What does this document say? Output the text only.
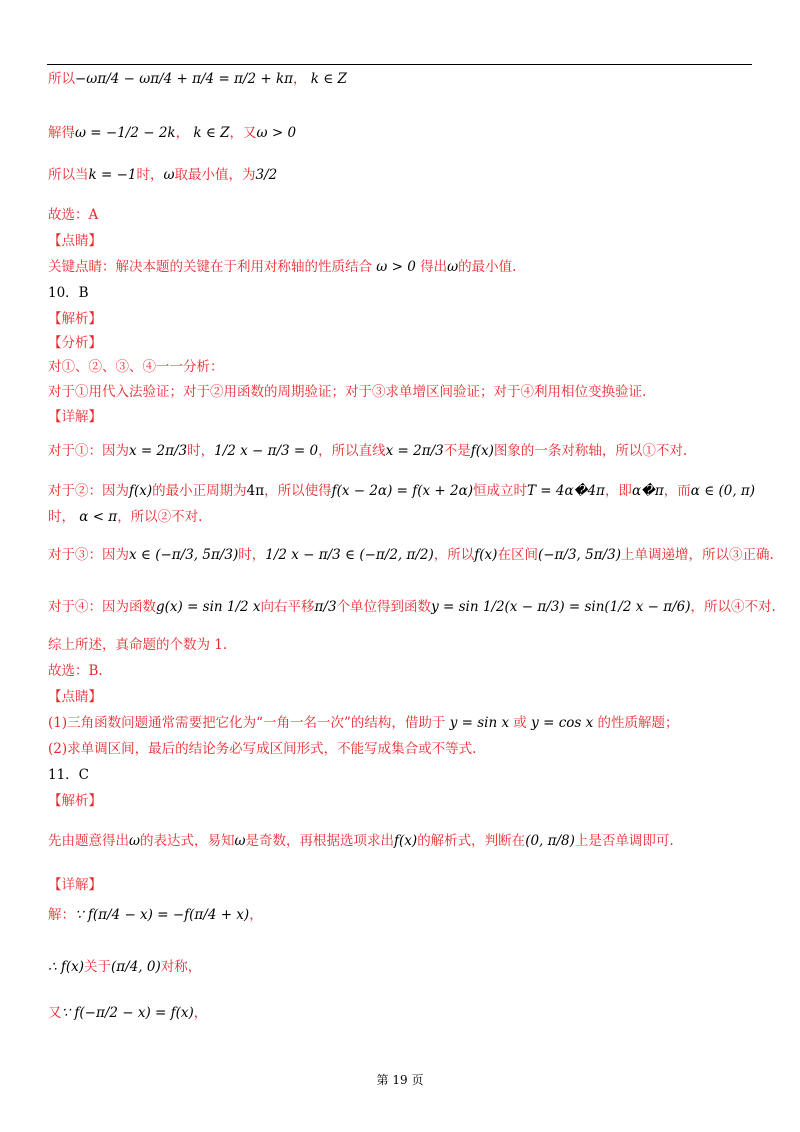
所以−ωπ/4 − ωπ/4 + π/4 = π/2 + kπ， k ∈ Z
解得ω = −1/2 − 2k， k ∈ Z，又ω > 0
所以当k = −1时，ω取最小值，为3/2
故选：A
【点睛】
关键点睛：解决本题的关键在于利用对称轴的性质结合 ω > 0 得出ω的最小值.
10．B
【解析】
【分析】
对①、②、③、④一一分析：
对于①用代入法验证；对于②用函数的周期验证；对于③求单增区间验证；对于④利用相位变换验证.
【详解】
对于①：因为x = 2π/3时，1/2 x − π/3 = 0，所以直线x = 2π/3不是f(x)图象的一条对称轴，所以①不对.
对于②：因为f(x)的最小正周期为4π，所以使得f(x − 2α) = f(x + 2α)恒成立时T = 4α�4π，即α�π，而α ∈ (0, π)
时， α < π，所以②不对.
对于③：因为x ∈ (−π/3, 5π/3)时，1/2 x − π/3 ∈ (−π/2, π/2)，所以f(x)在区间(−π/3, 5π/3)上单调递增，所以③正确.
对于④：因为函数g(x) = sin 1/2 x向右平移π/3个单位得到函数y = sin 1/2(x − π/3) = sin(1/2 x − π/6)，所以④不对.
综上所述，真命题的个数为 1.
故选：B.
【点睛】
(1)三角函数问题通常需要把它化为“一角一名一次”的结构，借助于 y = sin x 或 y = cos x 的性质解题；
(2)求单调区间，最后的结论务必写成区间形式，不能写成集合或不等式.
11．C
【解析】
先由题意得出ω的表达式，易知ω是奇数，再根据选项求出f(x)的解析式，判断在(0, π/8)上是否单调即可.
【详解】
解：∵ f(π/4 − x) = −f(π/4 + x)，
∴ f(x)关于(π/4, 0)对称，
又∵ f(−π/2 − x) = f(x)，
第 19 页
